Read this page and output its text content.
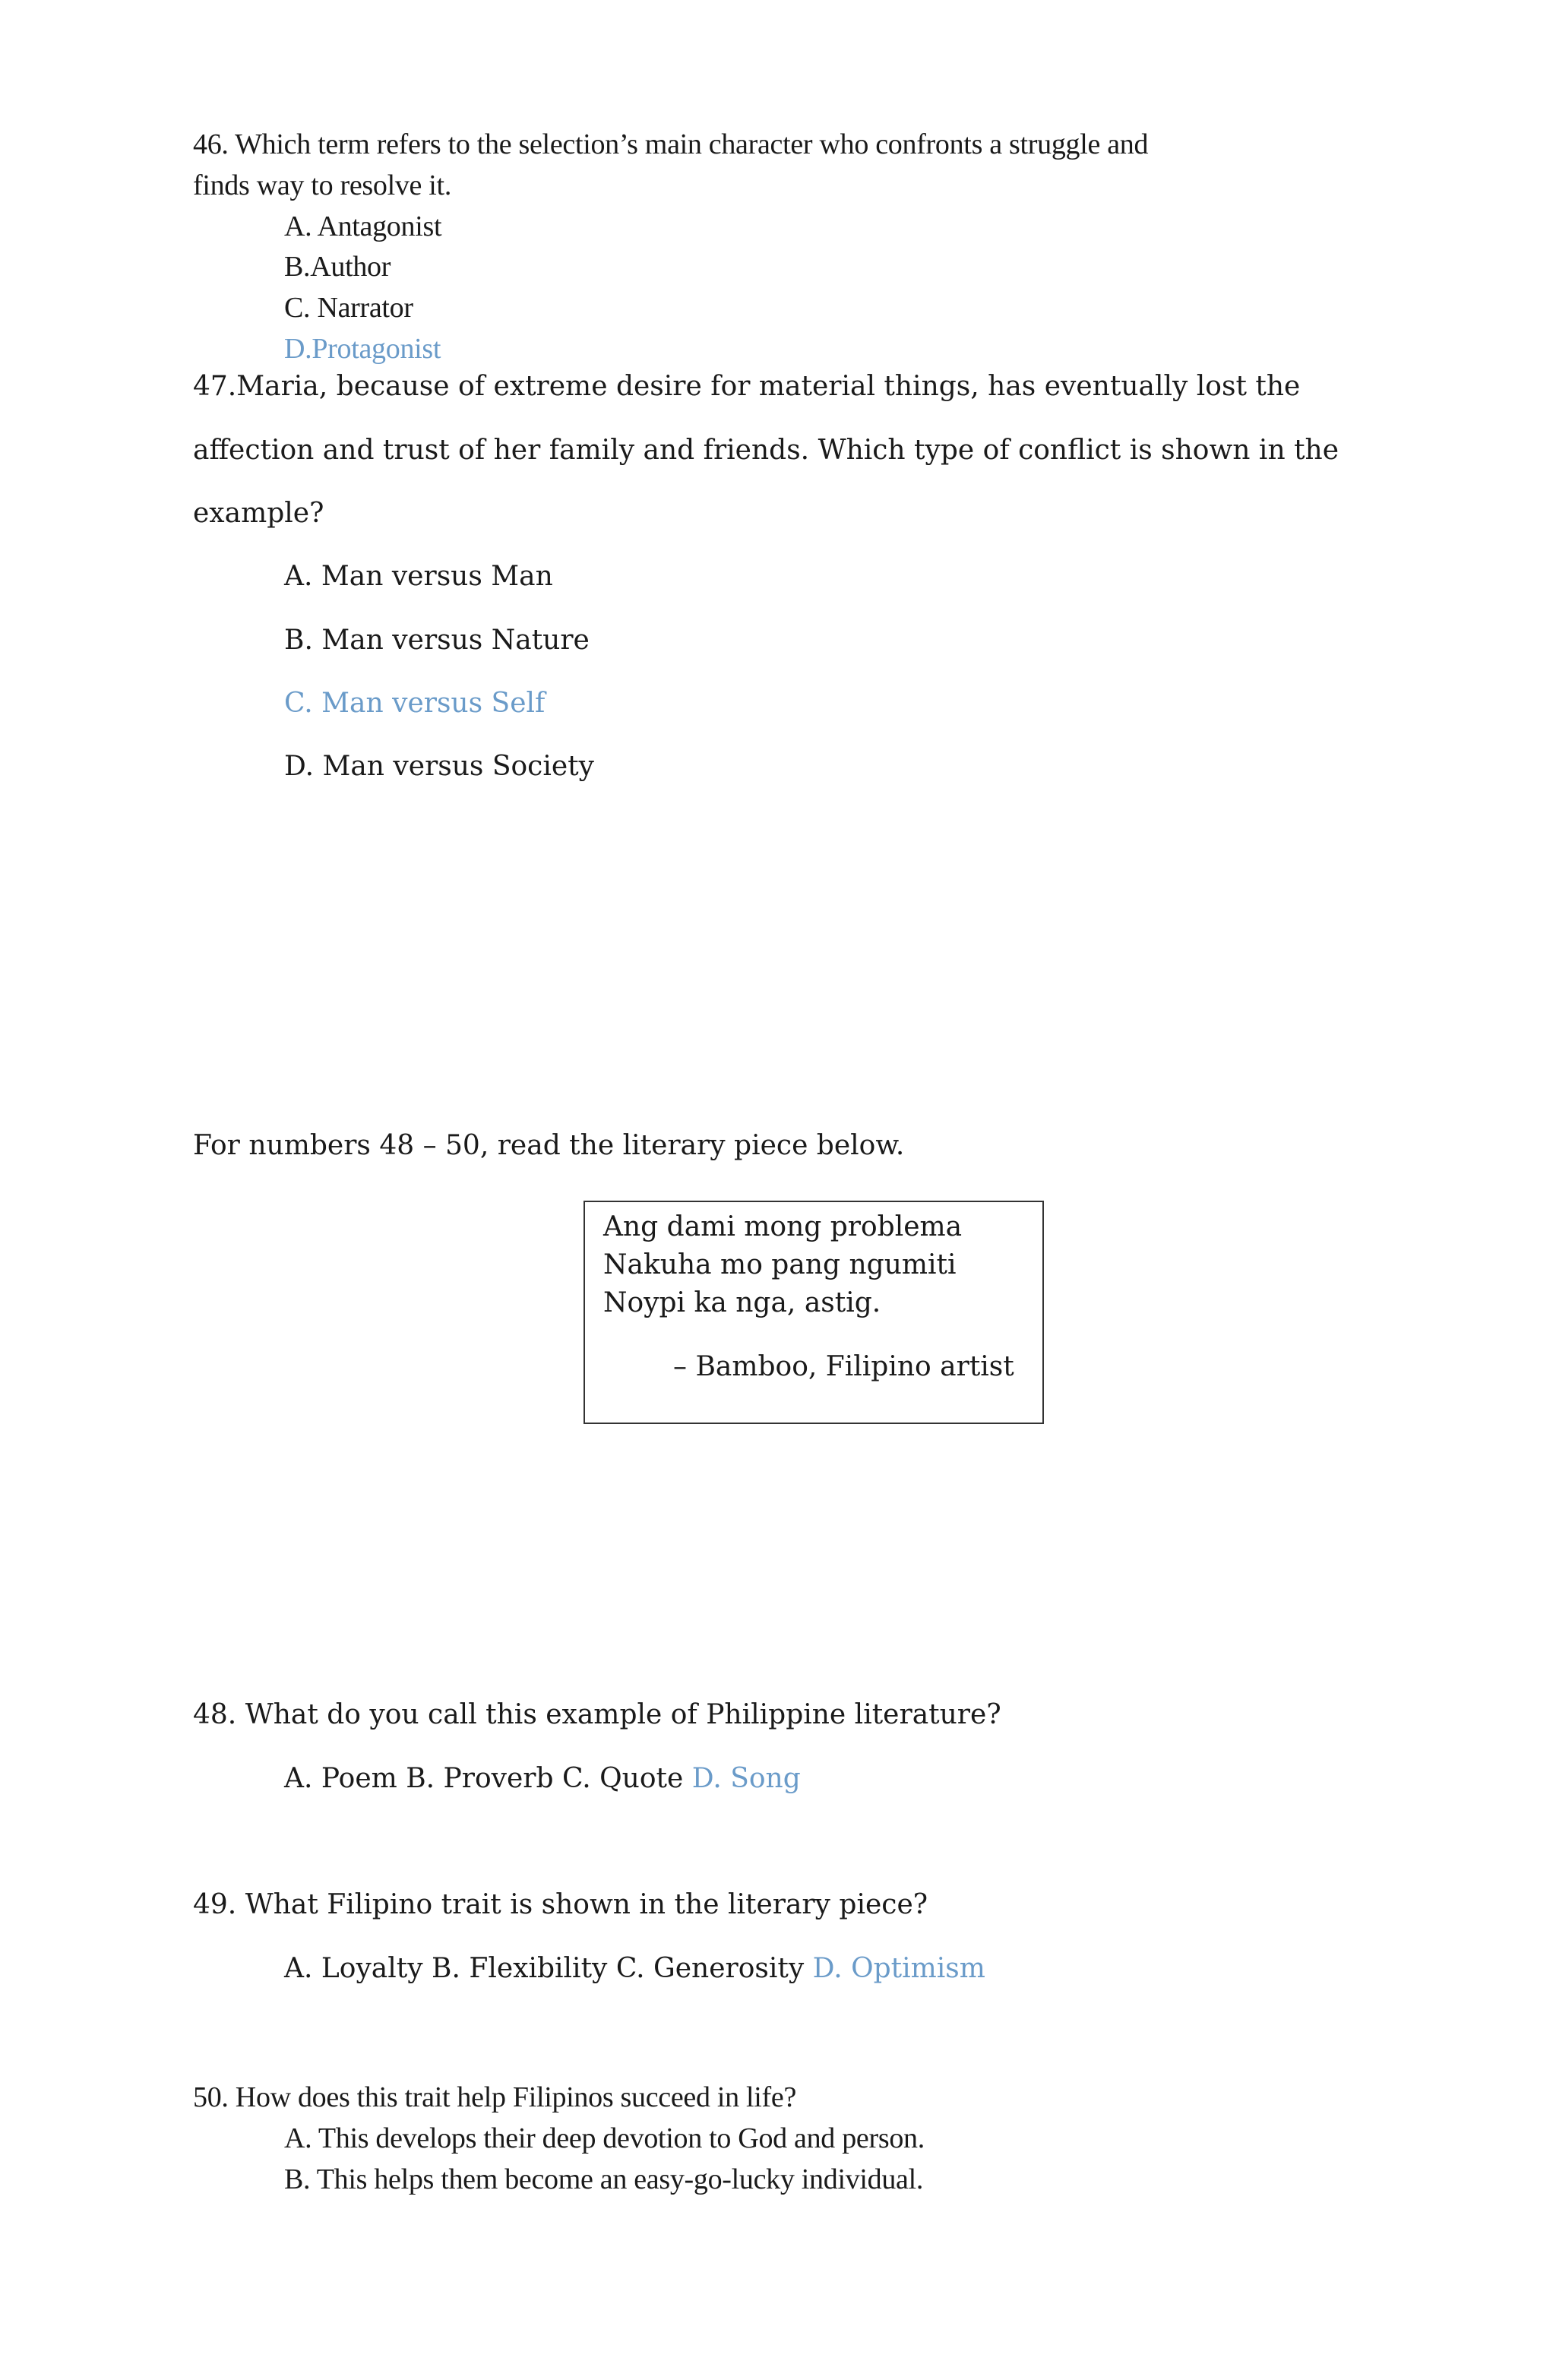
46. Which term refers to the selection’s main character who confronts a struggle and

finds way to resolve it.

A. Antagonist

B.Author

C. Narrator

D.Protagonist

47.Maria, because of extreme desire for material things, has eventually lost the

affection and trust of her family and friends. Which type of conflict is shown in the

example?

A. Man versus Man

B. Man versus Nature

C. Man versus Self

D. Man versus Society

For numbers 48 – 50, read the literary piece below.

Ang dami mong problema
Nakuha mo pang ngumiti
Noypi ka nga, astig.
– Bamboo, Filipino artist

48. What do you call this example of Philippine literature?

A. Poem B. Proverb C. Quote D. Song

49. What Filipino trait is shown in the literary piece?

A. Loyalty B. Flexibility C. Generosity D. Optimism

50. How does this trait help Filipinos succeed in life?

A. This develops their deep devotion to God and person.

B. This helps them become an easy-go-lucky individual.
